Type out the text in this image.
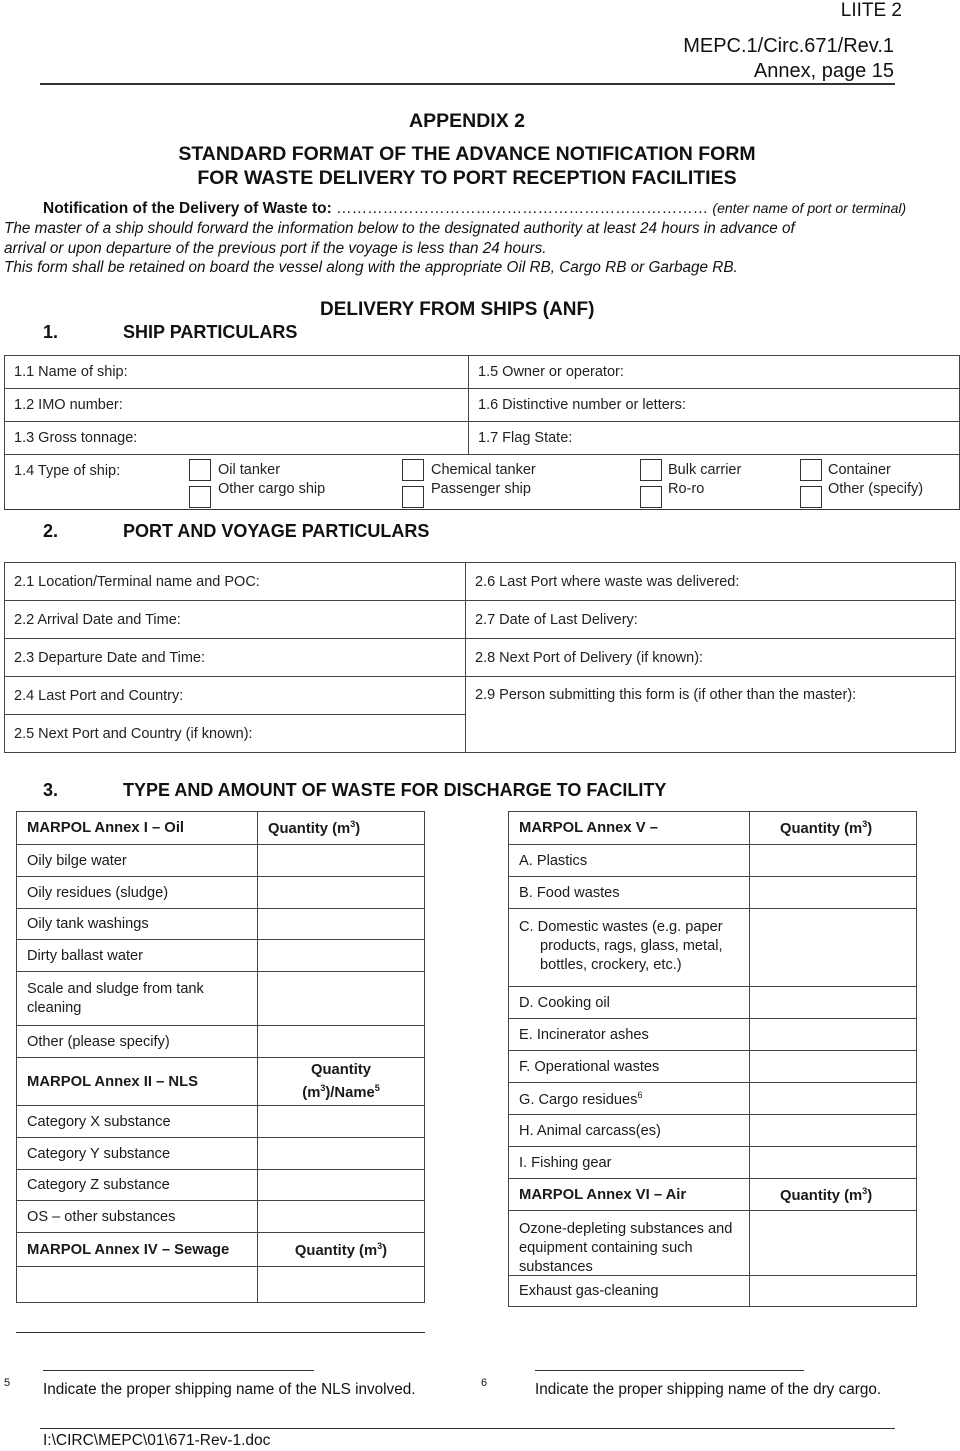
LIITE 2
MEPC.1/Circ.671/Rev.1
Annex, page 15
APPENDIX 2
STANDARD FORMAT OF THE ADVANCE NOTIFICATION FORM
FOR WASTE DELIVERY TO PORT RECEPTION FACILITIES
Notification of the Delivery of Waste to: ……………………………………………………………… (enter name of port or terminal)
The master of a ship should forward the information below to the designated authority at least 24 hours in advance of
arrival or upon departure of the previous port if the voyage is less than 24 hours.
This form shall be retained on board the vessel along with the appropriate Oil RB, Cargo RB or Garbage RB.
DELIVERY FROM SHIPS (ANF)
1.	SHIP PARTICULARS
1.1 Name of ship:	1.5 Owner or operator:
1.2 IMO number:	1.6 Distinctive number or letters:
1.3 Gross tonnage:	1.7 Flag State:

1.4 Type of ship:		Oil tanker
Other cargo ship
Chemical tanker
Passenger ship
Bulk carrier
Ro-ro
Container
Other (specify)
2.	PORT AND VOYAGE PARTICULARS
2.1 Location/Terminal name and POC:	2.6 Last Port where waste was delivered:
2.2 Arrival Date and Time:	2.7 Date of Last Delivery:
2.3 Departure Date and Time:	2.8 Next Port of Delivery (if known):
2.4 Last Port and Country:	2.9 Person submitting this form is (if other than the master):
2.5 Next Port and Country (if known):	
3.	TYPE AND AMOUNT OF WASTE FOR DISCHARGE TO FACILITY
MARPOL Annex I – Oil	Quantity $(m^3)$
Oily bilge water	
Oily residues (sludge)	
Oily tank washings	
Dirty ballast water	
Scale and sludge from tank cleaning	
Other (please specify)	
MARPOL Annex II – NLS	Quantity
$(m^3)/Name^5$
Category X substance	
Category Y substance	
Category Z substance	
OS – other substances	
MARPOL Annex IV – Sewage	Quantity $(m^3)$

MARPOL Annex V –	Quantity $(m^3)$
A. Plastics	
B. Food wastes	

C. Domestic wastes (e.g. paper products, rags, glass, metal, bottles, crockery, etc.)	

D. Cooking oil	
E. Incinerator ashes	
F. Operational wastes	
G. Cargo residues$^6$	
H. Animal carcass(es)	
I. Fishing gear	
MARPOL Annex VI – Air	Quantity $(m^3)$

Ozone-depleting substances and equipment containing such substances	

Exhaust gas-cleaning	
5 Indicate the proper shipping name of the NLS involved.	6	Indicate the proper shipping name of the dry cargo.
I:\CIRC\MEPC\01\671-Rev-1.doc
